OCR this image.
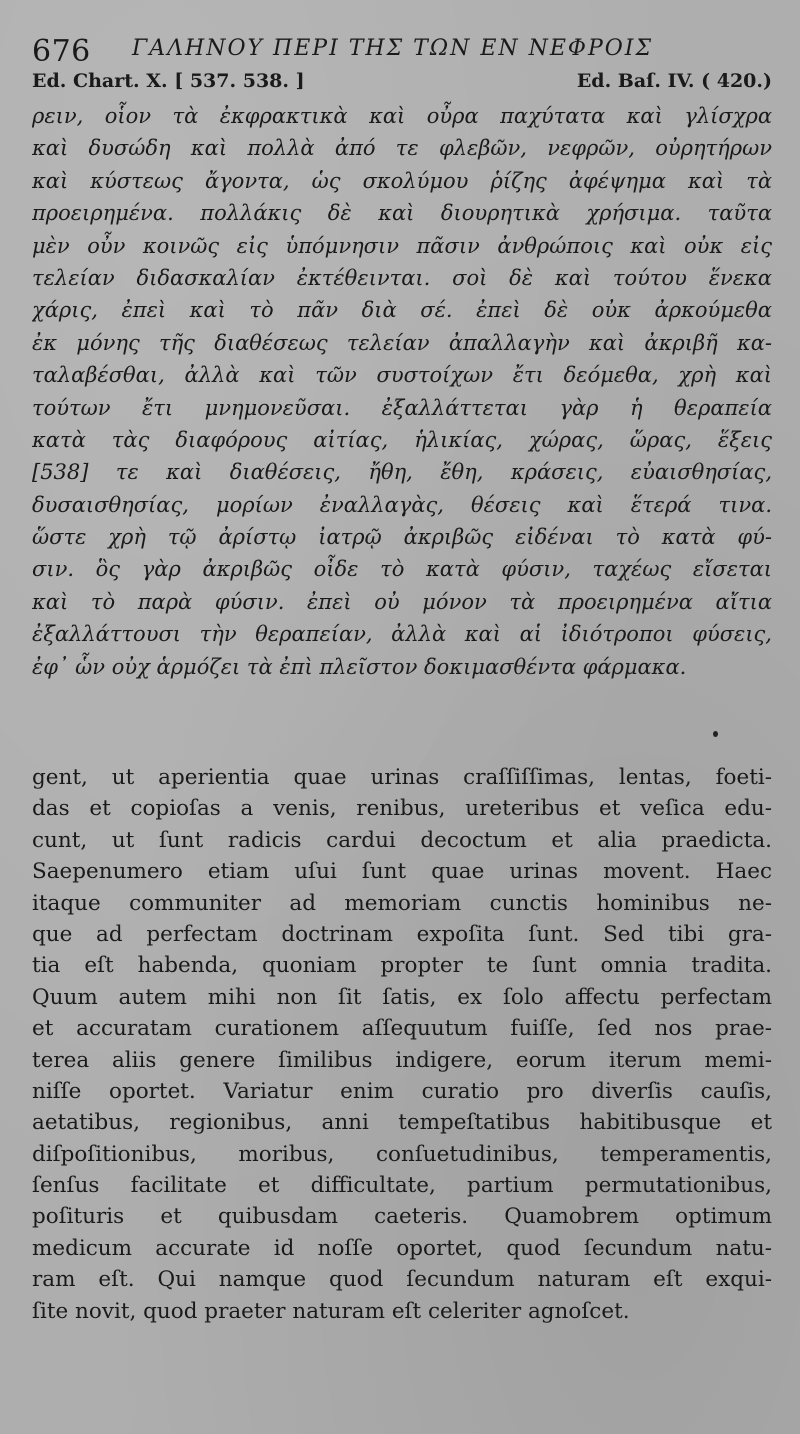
676 ΓΑΛΗΝΟΥ ΠΕΡΙ ΤΗΣ ΤΩΝ ΕΝ ΝΕΦΡΟΙΣ
Ed. Chart. X. [ 537. 538. ]	Ed. Baſ. IV. ( 420.)
ρειν, οἷον τὰ ἐκφρακτικὰ καὶ οὖρα παχύτατα καὶ γλίσχρα
καὶ δυσώδη καὶ πολλὰ ἀπό τε φλεβῶν, νεφρῶν, οὐρητήρων
καὶ κύστεως ἄγοντα, ὡς σκολύμου ῥίζης ἀφέψημα καὶ τὰ
προειρημένα. πολλάκις δὲ καὶ διουρητικὰ χρήσιμα. ταῦτα
μὲν οὖν κοινῶς εἰς ὑπόμνησιν πᾶσιν ἀνθρώποις καὶ οὐκ εἰς
τελείαν διδασκαλίαν ἐκτέθεινται. σοὶ δὲ καὶ τούτου ἕνεκα
χάρις, ἐπεὶ καὶ τὸ πᾶν διὰ σέ. ἐπεὶ δὲ οὐκ ἀρκούμεθα
ἐκ μόνης τῆς διαθέσεως τελείαν ἀπαλλαγὴν καὶ ἀκριβῆ κα-
ταλαβέσθαι, ἀλλὰ καὶ τῶν συστοίχων ἔτι δεόμεθα, χρὴ καὶ
τούτων ἔτι μνημονεῦσαι. ἐξαλλάττεται γὰρ ἡ θεραπεία
κατὰ τὰς διαφόρους αἰτίας, ἡλικίας, χώρας, ὥρας, ἕξεις
[538] τε καὶ διαθέσεις, ἤθη, ἔθη, κράσεις, εὐαισθησίας,
δυσαισθησίας, μορίων ἐναλλαγὰς, θέσεις καὶ ἕτερά τινα.
ὥστε χρὴ τῷ ἀρίστῳ ἰατρῷ ἀκριβῶς εἰδέναι τὸ κατὰ φύ-
σιν. ὃς γὰρ ἀκριβῶς οἶδε τὸ κατὰ φύσιν, ταχέως εἴσεται
καὶ τὸ παρὰ φύσιν. ἐπεὶ οὐ μόνον τὰ προειρημένα αἴτια
ἐξαλλάττουσι τὴν θεραπείαν, ἀλλὰ καὶ αἱ ἰδιότροποι φύσεις,
ἐφ᾽ ὧν οὐχ ἁρμόζει τὰ ἐπὶ πλεῖστον δοκιμασθέντα φάρμακα.
gent, ut aperientia quae urinas craſſiſſimas, lentas, foeti-
das et copioſas a venis, renibus, ureteribus et veſica edu-
cunt, ut ſunt radicis cardui decoctum et alia praedicta.
Saepenumero etiam uſui ſunt quae urinas movent. Haec
itaque communiter ad memoriam cunctis hominibus ne-
que ad perfectam doctrinam expoſita ſunt. Sed tibi gra-
tia eſt habenda, quoniam propter te ſunt omnia tradita.
Quum autem mihi non ſit ſatis, ex ſolo affectu perfectam
et accuratam curationem aſſequutum fuiſſe, ſed nos prae-
terea aliis genere ſimilibus indigere, eorum iterum memi-
niſſe oportet. Variatur enim curatio pro diverſis cauſis,
aetatibus, regionibus, anni tempeſtatibus habitibusque et
diſpoſitionibus, moribus, conſuetudinibus, temperamentis,
ſenſus facilitate et difficultate, partium permutationibus,
poſituris et quibusdam caeteris. Quamobrem optimum
medicum accurate id noſſe oportet, quod ſecundum natu-
ram eſt. Qui namque quod ſecundum naturam eſt exqui-
ſite novit, quod praeter naturam eſt celeriter agnoſcet.
